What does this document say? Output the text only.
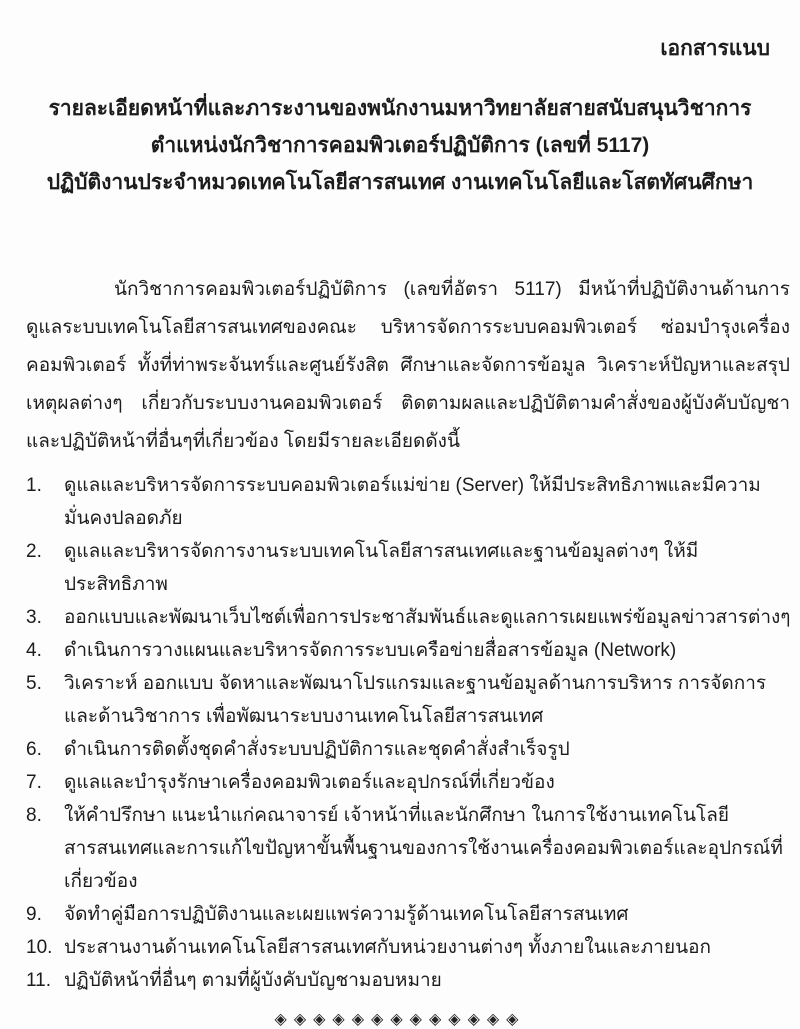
เอกสารแนบ
รายละเอียดหน้าที่และภาระงานของพนักงานมหาวิทยาลัยสายสนับสนุนวิชาการ
ตำแหน่งนักวิชาการคอมพิวเตอร์ปฏิบัติการ (เลขที่ 5117)
ปฏิบัติงานประจำหมวดเทคโนโลยีสารสนเทศ งานเทคโนโลยีและโสตทัศนศึกษา

นักวิชาการคอมพิวเตอร์ปฏิบัติการ (เลขที่อัตรา 5117) มีหน้าที่ปฏิบัติงานด้านการดูแลระบบเทคโนโลยีสารสนเทศของคณะ บริหารจัดการระบบคอมพิวเตอร์ ซ่อมบำรุงเครื่องคอมพิวเตอร์ ทั้งที่ท่าพระจันทร์และศูนย์รังสิต ศึกษาและจัดการข้อมูล วิเคราะห์ปัญหาและสรุปเหตุผลต่างๆ เกี่ยวกับระบบงานคอมพิวเตอร์ ติดตามผลและปฏิบัติตามคำสั่งของผู้บังคับบัญชาและปฏิบัติหน้าที่อื่นๆที่เกี่ยวข้อง โดยมีรายละเอียดดังนี้

1.	ดูแลและบริหารจัดการระบบคอมพิวเตอร์แม่ข่าย (Server) ให้มีประสิทธิภาพและมีความมั่นคงปลอดภัย
2.	ดูแลและบริหารจัดการงานระบบเทคโนโลยีสารสนเทศและฐานข้อมูลต่างๆ ให้มีประสิทธิภาพ
3.	ออกแบบและพัฒนาเว็บไซต์เพื่อการประชาสัมพันธ์และดูแลการเผยแพร่ข้อมูลข่าวสารต่างๆ
4.	ดำเนินการวางแผนและบริหารจัดการระบบเครือข่ายสื่อสารข้อมูล (Network)
5.	วิเคราะห์ ออกแบบ จัดหาและพัฒนาโปรแกรมและฐานข้อมูลด้านการบริหาร การจัดการ และด้านวิชาการ เพื่อพัฒนาระบบงานเทคโนโลยีสารสนเทศ
6.	ดำเนินการติดตั้งชุดคำสั่งระบบปฏิบัติการและชุดคำสั่งสำเร็จรูป
7.	ดูแลและบำรุงรักษาเครื่องคอมพิวเตอร์และอุปกรณ์ที่เกี่ยวข้อง
8.	ให้คำปรึกษา แนะนำแก่คณาจารย์ เจ้าหน้าที่และนักศึกษา ในการใช้งานเทคโนโลยีสารสนเทศและการแก้ไขปัญหาขั้นพื้นฐานของการใช้งานเครื่องคอมพิวเตอร์และอุปกรณ์ที่เกี่ยวข้อง
9.	จัดทำคู่มือการปฏิบัติงานและเผยแพร่ความรู้ด้านเทคโนโลยีสารสนเทศ
10. ประสานงานด้านเทคโนโลยีสารสนเทศกับหน่วยงานต่างๆ ทั้งภายในและภายนอก
11. ปฏิบัติหน้าที่อื่นๆ ตามที่ผู้บังคับบัญชามอบหมาย
◈◈◈◈◈◈◈◈◈◈◈◈◈
